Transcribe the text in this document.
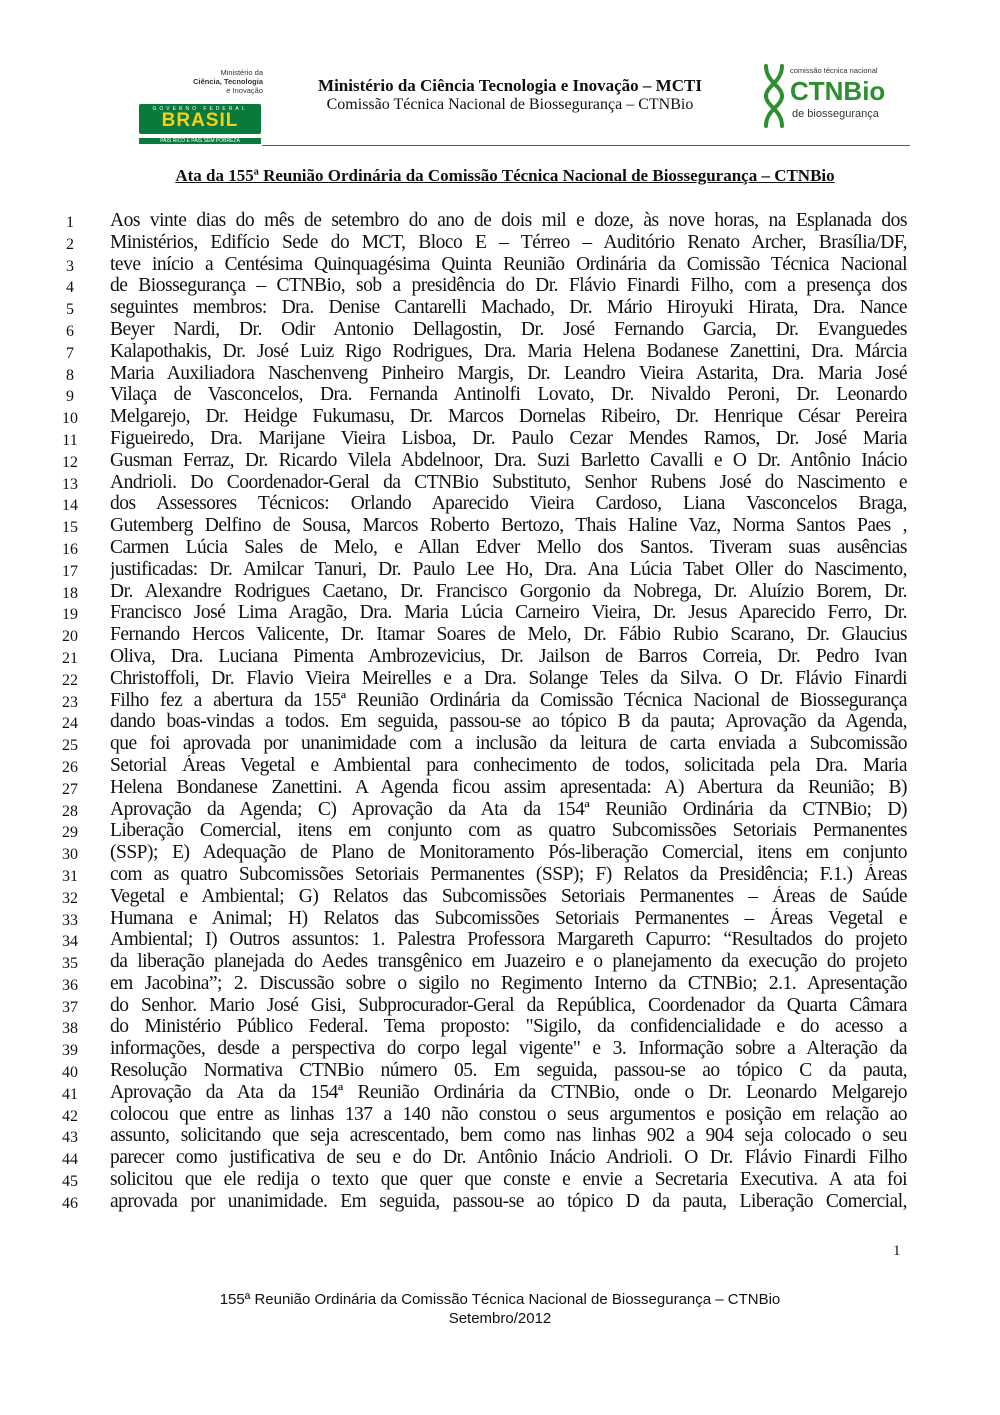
Ministério da
Ciência, Tecnologia
e Inovação
GOVERNO FEDERAL
BRASIL
PAÍS RICO É PAÍS SEM POBREZA
Ministério da Ciência Tecnologia e Inovação – MCTI
Comissão Técnica Nacional de Biossegurança – CTNBio
comissão técnica nacional
CTNBio
de biossegurança
Ata da 155ª Reunião Ordinária da Comissão Técnica Nacional de Biossegurança – CTNBio
1	Aos vinte dias do mês de setembro do ano de dois mil e doze, às nove horas, na Esplanada dos
2	Ministérios, Edifício Sede do MCT, Bloco E – Térreo – Auditório Renato Archer, Brasília/DF,
3	teve início a Centésima Quinquagésima Quinta Reunião Ordinária da Comissão Técnica Nacional
4	de Biossegurança – CTNBio, sob a presidência do Dr. Flávio Finardi Filho, com a presença dos
5	seguintes membros: Dra. Denise Cantarelli Machado, Dr. Mário Hiroyuki Hirata, Dra. Nance
6	Beyer Nardi, Dr. Odir Antonio Dellagostin, Dr. José Fernando Garcia, Dr. Evanguedes
7	Kalapothakis, Dr. José Luiz Rigo Rodrigues, Dra. Maria Helena Bodanese Zanettini, Dra. Márcia
8	Maria Auxiliadora Naschenveng Pinheiro Margis, Dr. Leandro Vieira Astarita, Dra. Maria José
9	Vilaça de Vasconcelos, Dra. Fernanda Antinolfi Lovato, Dr. Nivaldo Peroni, Dr. Leonardo
10 Melgarejo, Dr. Heidge Fukumasu, Dr. Marcos Dornelas Ribeiro, Dr. Henrique César Pereira
11 Figueiredo, Dra. Marijane Vieira Lisboa, Dr. Paulo Cezar Mendes Ramos, Dr. José Maria
12 Gusman Ferraz, Dr. Ricardo Vilela Abdelnoor, Dra. Suzi Barletto Cavalli e O Dr. Antônio Inácio
13 Andrioli. Do Coordenador-Geral da CTNBio Substituto, Senhor Rubens José do Nascimento e
14 dos Assessores Técnicos: Orlando Aparecido Vieira Cardoso, Liana Vasconcelos Braga,
15 Gutemberg Delfino de Sousa, Marcos Roberto Bertozo, Thais Haline Vaz, Norma Santos Paes ,
16 Carmen Lúcia Sales de Melo, e Allan Edver Mello dos Santos. Tiveram suas ausências
17 justificadas: Dr. Amilcar Tanuri, Dr. Paulo Lee Ho, Dra. Ana Lúcia Tabet Oller do Nascimento,
18 Dr. Alexandre Rodrigues Caetano, Dr. Francisco Gorgonio da Nobrega, Dr. Aluízio Borem, Dr.
19 Francisco José Lima Aragão, Dra. Maria Lúcia Carneiro Vieira, Dr. Jesus Aparecido Ferro, Dr.
20 Fernando Hercos Valicente, Dr. Itamar Soares de Melo, Dr. Fábio Rubio Scarano, Dr. Glaucius
21 Oliva, Dra. Luciana Pimenta Ambrozevicius, Dr. Jailson de Barros Correia, Dr. Pedro Ivan
22 Christoffoli, Dr. Flavio Vieira Meirelles e a Dra. Solange Teles da Silva. O Dr. Flávio Finardi
23 Filho fez a abertura da 155ª Reunião Ordinária da Comissão Técnica Nacional de Biossegurança
24 dando boas-vindas a todos. Em seguida, passou-se ao tópico B da pauta; Aprovação da Agenda,
25 que foi aprovada por unanimidade com a inclusão da leitura de carta enviada a Subcomissão
26 Setorial Áreas Vegetal e Ambiental para conhecimento de todos, solicitada pela Dra. Maria
27 Helena Bondanese Zanettini. A Agenda ficou assim apresentada: A) Abertura da Reunião; B)
28 Aprovação da Agenda; C) Aprovação da Ata da 154ª Reunião Ordinária da CTNBio; D)
29 Liberação Comercial, itens em conjunto com as quatro Subcomissões Setoriais Permanentes
30 (SSP); E) Adequação de Plano de Monitoramento Pós-liberação Comercial, itens em conjunto
31 com as quatro Subcomissões Setoriais Permanentes (SSP); F) Relatos da Presidência; F.1.) Áreas
32 Vegetal e Ambiental; G) Relatos das Subcomissões Setoriais Permanentes – Áreas de Saúde
33 Humana e Animal; H) Relatos das Subcomissões Setoriais Permanentes – Áreas Vegetal e
34 Ambiental; I) Outros assuntos: 1. Palestra Professora Margareth Capurro: “Resultados do projeto
35 da liberação planejada do Aedes transgênico em Juazeiro e o planejamento da execução do projeto
36 em Jacobina”; 2. Discussão sobre o sigilo no Regimento Interno da CTNBio; 2.1. Apresentação
37 do Senhor. Mario José Gisi, Subprocurador-Geral da República, Coordenador da Quarta Câmara
38 do Ministério Público Federal. Tema proposto: "Sigilo, da confidencialidade e do acesso a
39 informações, desde a perspectiva do corpo legal vigente" e 3. Informação sobre a Alteração da
40 Resolução Normativa CTNBio número 05. Em seguida, passou-se ao tópico C da pauta,
41 Aprovação da Ata da 154ª Reunião Ordinária da CTNBio, onde o Dr. Leonardo Melgarejo
42 colocou que entre as linhas 137 a 140 não constou o seus argumentos e posição em relação ao
43 assunto, solicitando que seja acrescentado, bem como nas linhas 902 a 904 seja colocado o seu
44 parecer como justificativa de seu e do Dr. Antônio Inácio Andrioli. O Dr. Flávio Finardi Filho
45 solicitou que ele redija o texto que quer que conste e envie a Secretaria Executiva. A ata foi
46 aprovada por unanimidade. Em seguida, passou-se ao tópico D da pauta, Liberação Comercial,
1
155ª Reunião Ordinária da Comissão Técnica Nacional de Biossegurança – CTNBio
Setembro/2012
